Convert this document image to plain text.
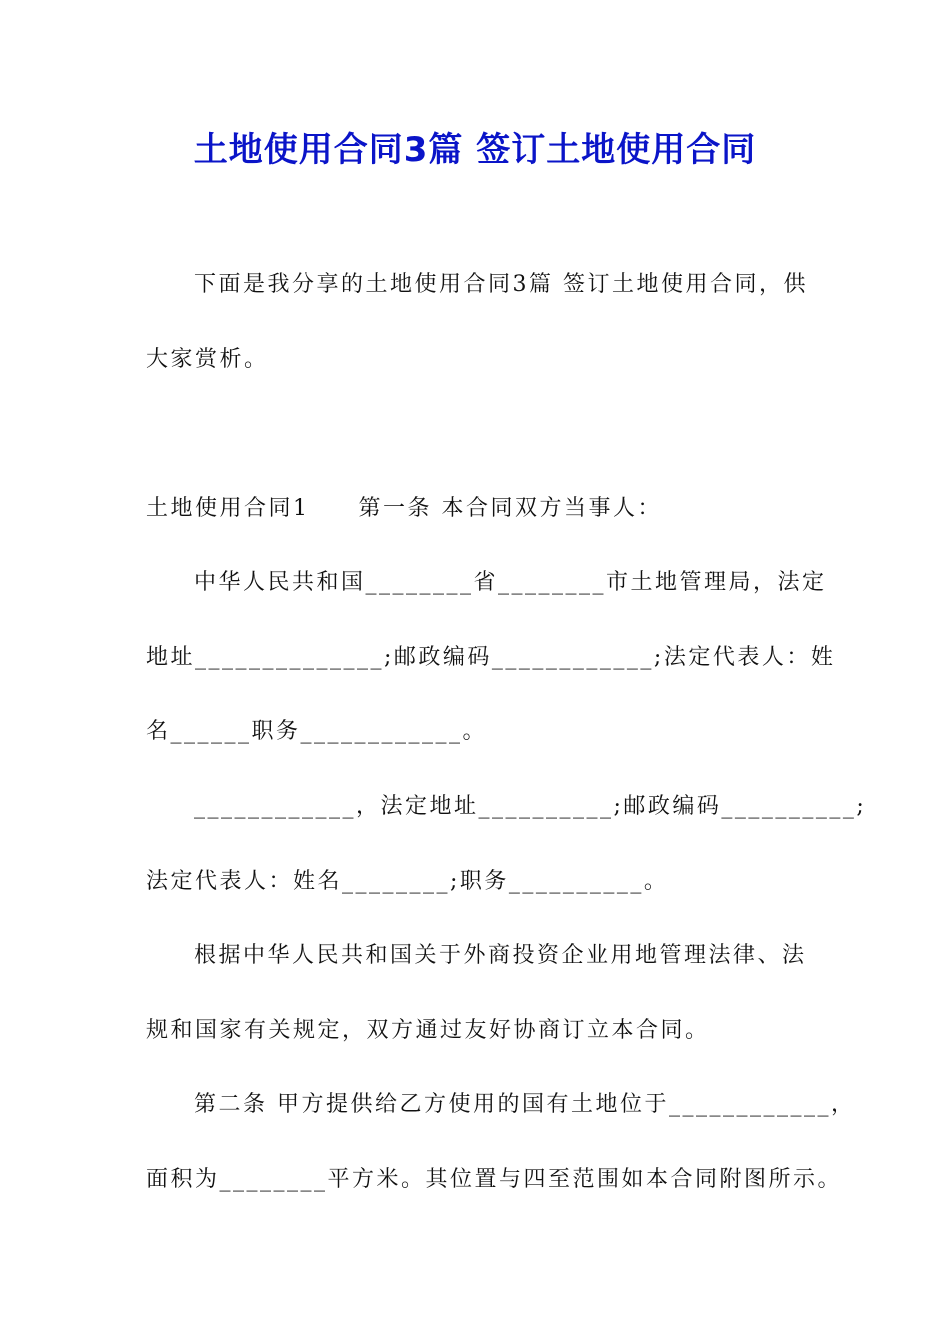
土地使用合同3篇 签订土地使用合同
下面是我分享的土地使用合同3篇 签订土地使用合同，供
大家赏析。
土地使用合同1　　第一条 本合同双方当事人：
中华人民共和国________省________市土地管理局，法定
地址______________;邮政编码____________;法定代表人：姓
名______职务____________。
____________，法定地址__________;邮政编码__________;
法定代表人：姓名________;职务__________。
根据中华人民共和国关于外商投资企业用地管理法律、法
规和国家有关规定，双方通过友好协商订立本合同。
第二条 甲方提供给乙方使用的国有土地位于____________，
面积为________平方米。其位置与四至范围如本合同附图所示。
